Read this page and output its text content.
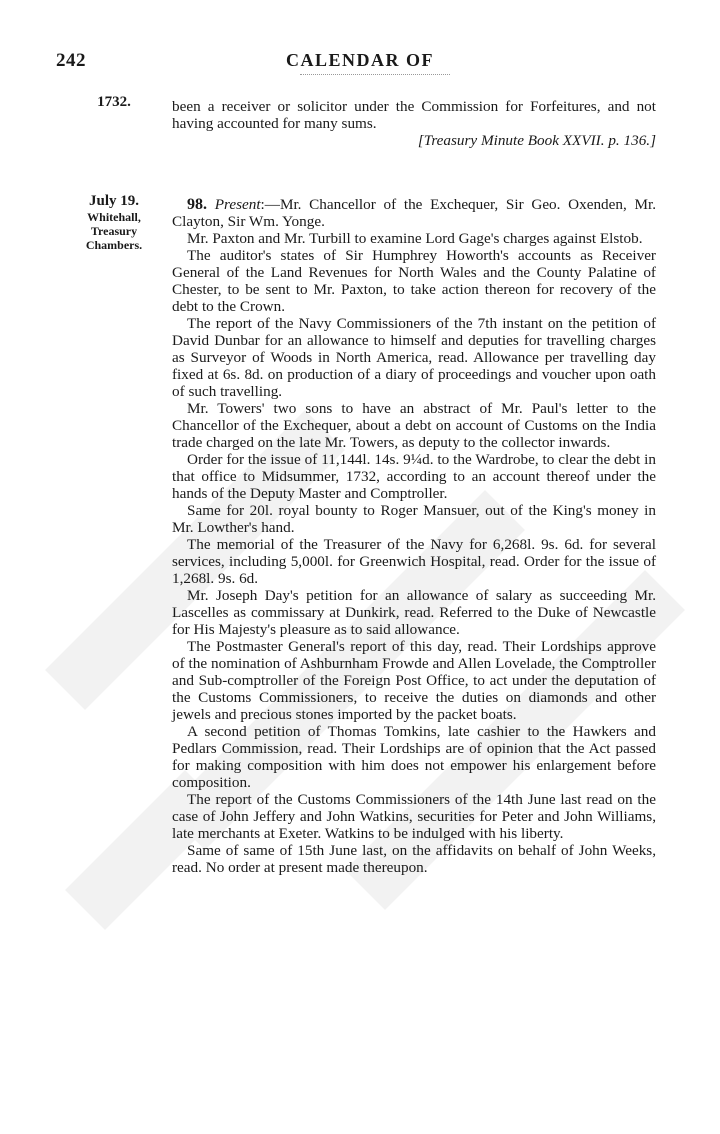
242	CALENDAR OF
1732.
July 19.
Whitehall,
Treasury
Chambers.

been a receiver or solicitor under the Commission for Forfeitures, and not having accounted for many sums.

[Treasury Minute Book XXVII. p. 136.]

98. Present:—Mr. Chancellor of the Exchequer, Sir Geo. Oxenden, Mr. Clayton, Sir Wm. Yonge.

Mr. Paxton and Mr. Turbill to examine Lord Gage's charges against Elstob.

The auditor's states of Sir Humphrey Howorth's accounts as Receiver General of the Land Revenues for North Wales and the County Palatine of Chester, to be sent to Mr. Paxton, to take action thereon for recovery of the debt to the Crown.

The report of the Navy Commissioners of the 7th instant on the petition of David Dunbar for an allowance to himself and deputies for travelling charges as Surveyor of Woods in North America, read. Allowance per travelling day fixed at 6s. 8d. on production of a diary of proceedings and voucher upon oath of such travelling.

Mr. Towers' two sons to have an abstract of Mr. Paul's letter to the Chancellor of the Exchequer, about a debt on account of Customs on the India trade charged on the late Mr. Towers, as deputy to the collector inwards.

Order for the issue of 11,144l. 14s. 9¼d. to the Wardrobe, to clear the debt in that office to Midsummer, 1732, according to an account thereof under the hands of the Deputy Master and Comptroller.

Same for 20l. royal bounty to Roger Mansuer, out of the King's money in Mr. Lowther's hand.

The memorial of the Treasurer of the Navy for 6,268l. 9s. 6d. for several services, including 5,000l. for Greenwich Hospital, read. Order for the issue of 1,268l. 9s. 6d.

Mr. Joseph Day's petition for an allowance of salary as succeeding Mr. Lascelles as commissary at Dunkirk, read. Referred to the Duke of Newcastle for His Majesty's pleasure as to said allowance.

The Postmaster General's report of this day, read. Their Lordships approve of the nomination of Ashburnham Frowde and Allen Lovelade, the Comptroller and Sub-comptroller of the Foreign Post Office, to act under the deputation of the Customs Commissioners, to receive the duties on diamonds and other jewels and precious stones imported by the packet boats.

A second petition of Thomas Tomkins, late cashier to the Hawkers and Pedlars Commission, read. Their Lordships are of opinion that the Act passed for making composition with him does not empower his enlargement before composition.

The report of the Customs Commissioners of the 14th June last read on the case of John Jeffery and John Watkins, securities for Peter and John Williams, late merchants at Exeter. Watkins to be indulged with his liberty.

Same of same of 15th June last, on the affidavits on behalf of John Weeks, read. No order at present made thereupon.
